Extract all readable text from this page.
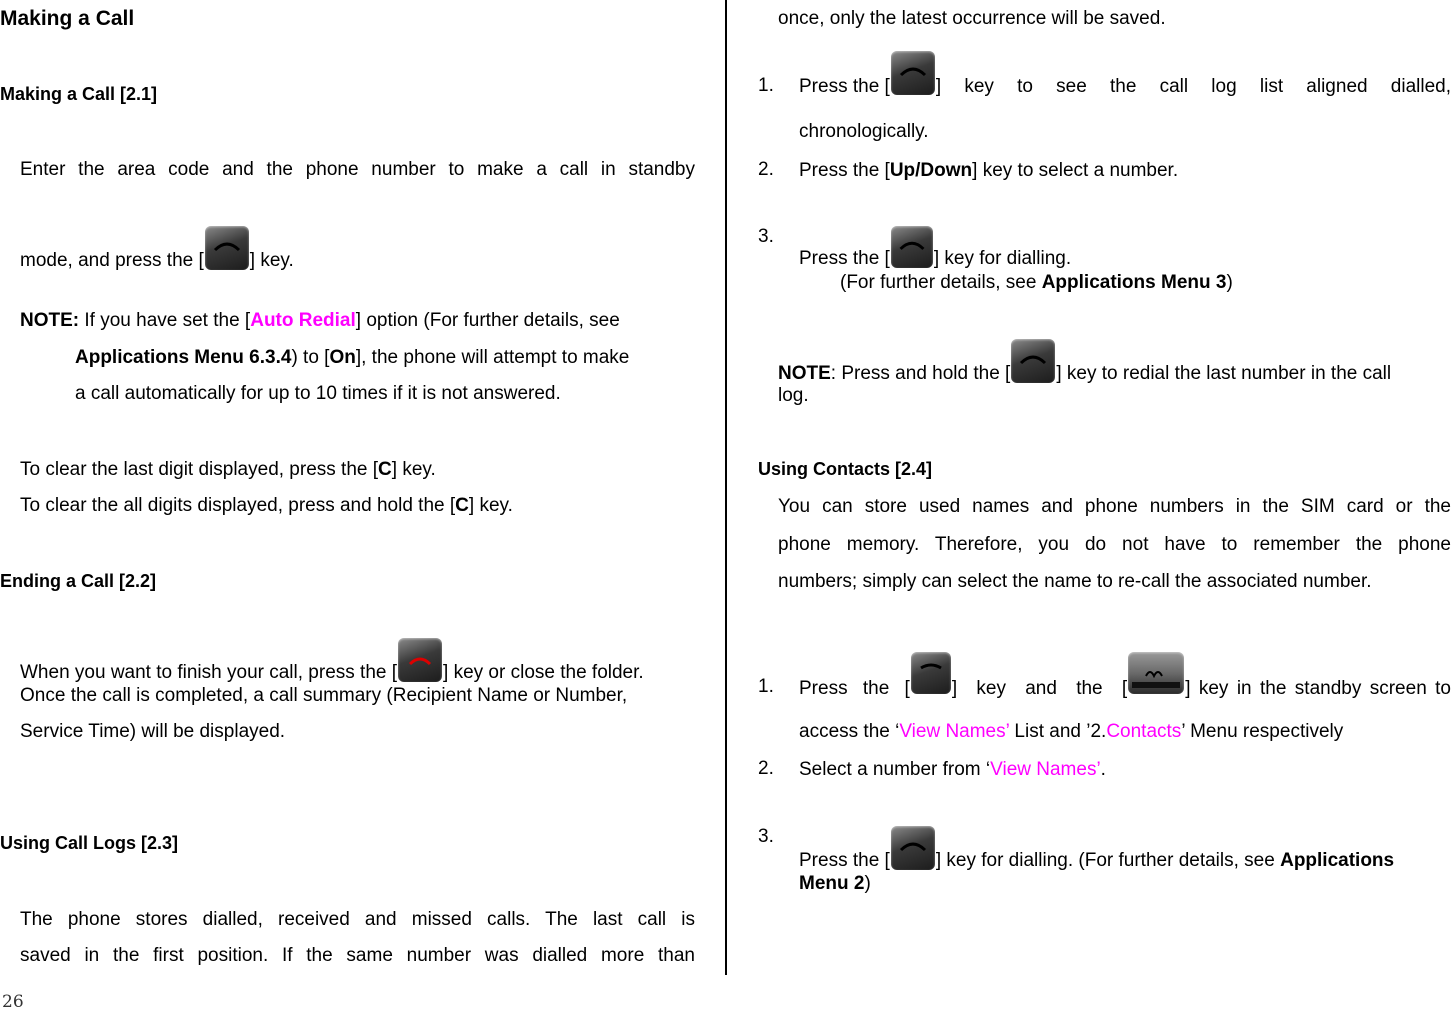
Making a Call
Making a Call [2.1]
Enter the area code and the phone number to make a call in standby
mode, and press the [ ] key.
NOTE: If you have set the [Auto Redial] option (For further details, see
Applications Menu 6.3.4) to [On], the phone will attempt to make
a call automatically for up to 10 times if it is not answered.
To clear the last digit displayed, press the [C] key.
To clear the all digits displayed, press and hold the [C] key.
Ending a Call [2.2]
When you want to finish your call, press the [ ] key or close the folder.
Once the call is completed, a call summary (Recipient Name or Number,
Service Time) will be displayed.
Using Call Logs [2.3]
The phone stores dialled, received and missed calls. The last call is
saved in the first position. If the same number was dialled more than
26
once, only the latest occurrence will be saved.
1. Press the [ ] key to see the call log list aligned dialled,
chronologically.
2. Press the [Up/Down] key to select a number.
3.
Press the [ ] key for dialling.
(For further details, see Applications Menu 3)
NOTE: Press and hold the [ ] key to redial the last number in the call
log.
Using Contacts [2.4]
You can store used names and phone numbers in the SIM card or the
phone memory. Therefore, you do not have to remember the phone
numbers; simply can select the name to re-call the associated number.
1. Press the [ ] key and the [	] key in the standby screen to
access the ‘View Names’ List and ’2.Contacts’ Menu respectively
2. Select a number from ‘View Names’.
3.
Press the [ ] key for dialling. (For further details, see Applications
Menu 2)
